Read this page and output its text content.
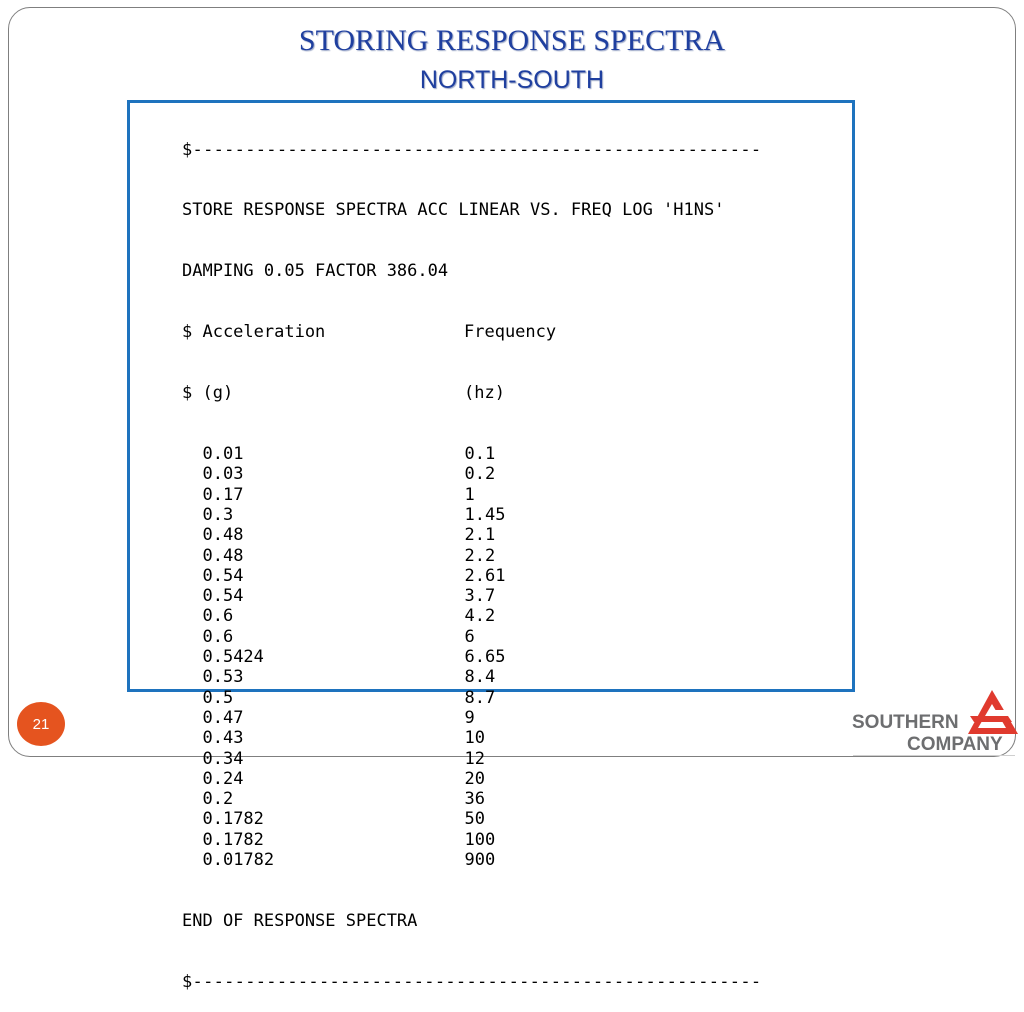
STORING RESPONSE SPECTRA
NORTH-SOUTH

$------------------------------------------------------

STORE RESPONSE SPECTRA ACC LINEAR VS. FREQ LOG 'H1NS'

DAMPING 0.05 FACTOR 386.04

$ Acceleration	Frequency

$ (g)	(hz)

0.01	0.1
0.03	0.2
0.17	1
0.3	1.45
0.48	2.1
0.48	2.2
0.54	2.61
0.54	3.7
0.6	4.2
0.6	6
0.5424	6.65
0.53	8.4
0.5	8.7
0.47	9
0.43	10
0.34	12
0.24	20
0.2	36
0.1782	50
0.1782	100
0.01782	900

END OF RESPONSE SPECTRA

$------------------------------------------------------

21	SOUTHERN
COMPANY
